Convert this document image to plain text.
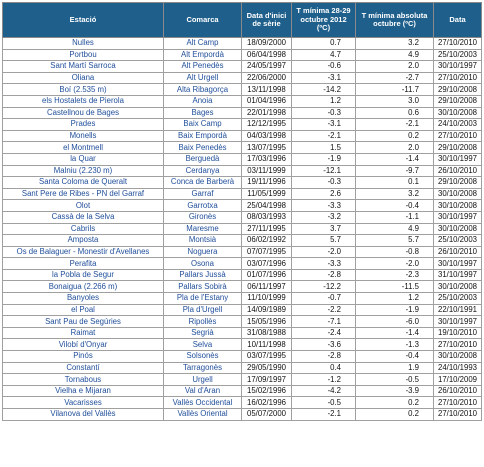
Estació	Comarca	Data d'inici de sèrie	T mínima 28-29 octubre 2012 (ºC)	T mínima absoluta octubre (ºC)	Data
Nulles	Alt Camp	18/09/2000	0.7	3.2	27/10/2010
Portbou	Alt Empordà	06/04/1998	4.7	4.9	25/10/2003
Sant Martí Sarroca	Alt Penedès	24/05/1997	-0.6	2.0	30/10/1997
Oliana	Alt Urgell	22/06/2000	-3.1	-2.7	27/10/2010
Boí (2.535 m)	Alta Ribagorça	13/11/1998	-14.2	-11.7	29/10/2008
els Hostalets de Pierola	Anoia	01/04/1996	1.2	3.0	29/10/2008
Castellnou de Bages	Bages	22/01/1998	-0.3	0.6	30/10/2008
Prades	Baix Camp	12/12/1995	-3.1	-2.1	24/10/2003
Monells	Baix Empordà	04/03/1998	-2.1	0.2	27/10/2010
el Montmell	Baix Penedès	13/07/1995	1.5	2.0	29/10/2008
la Quar	Berguedà	17/03/1996	-1.9	-1.4	30/10/1997
Malniu (2.230 m)	Cerdanya	03/11/1999	-12.1	-9.7	26/10/2010
Santa Coloma de Queralt	Conca de Barberà	19/11/1996	-0.3	0.1	29/10/2008
Sant Pere de Ribes - PN del Garraf	Garraf	11/05/1999	2.6	3.2	30/10/2008
Olot	Garrotxa	25/04/1998	-3.3	-0.4	30/10/2008
Cassà de la Selva	Gironès	08/03/1993	-3.2	-1.1	30/10/1997
Cabrils	Maresme	27/11/1995	3.7	4.9	30/10/2008
Amposta	Montsià	06/02/1992	5.7	5.7	25/10/2003
Os de Balaguer - Monestir d'Avellanes	Noguera	07/07/1995	-2.0	-0.8	26/10/2010
Perafita	Osona	03/07/1996	-3.3	-2.0	30/10/1997
la Pobla de Segur	Pallars Jussà	01/07/1996	-2.8	-2.3	31/10/1997
Bonaigua (2.266 m)	Pallars Sobirà	06/11/1997	-12.2	-11.5	30/10/2008
Banyoles	Pla de l'Estany	11/10/1999	-0.7	1.2	25/10/2003
el Poal	Pla d'Urgell	14/09/1989	-2.2	-1.9	22/10/1991
Sant Pau de Segúries	Ripollès	15/05/1996	-7.1	-6.0	30/10/1997
Raimat	Segrià	31/08/1988	-2.4	-1.4	19/10/2010
Vilobí d'Onyar	Selva	10/11/1998	-3.6	-1.3	27/10/2010
Pinós	Solsonès	03/07/1995	-2.8	-0.4	30/10/2008
Constantí	Tarragonès	29/05/1990	0.4	1.9	24/10/1993
Tornabous	Urgell	17/09/1997	-1.2	-0.5	17/10/2009
Vielha e Mijaran	Val d'Aran	15/02/1996	-4.2	-3.9	26/10/2010
Vacarisses	Vallès Occidental	16/02/1996	-0.5	0.2	27/10/2010
Vilanova del Vallès	Vallès Oriental	05/07/2000	-2.1	0.2	27/10/2010
